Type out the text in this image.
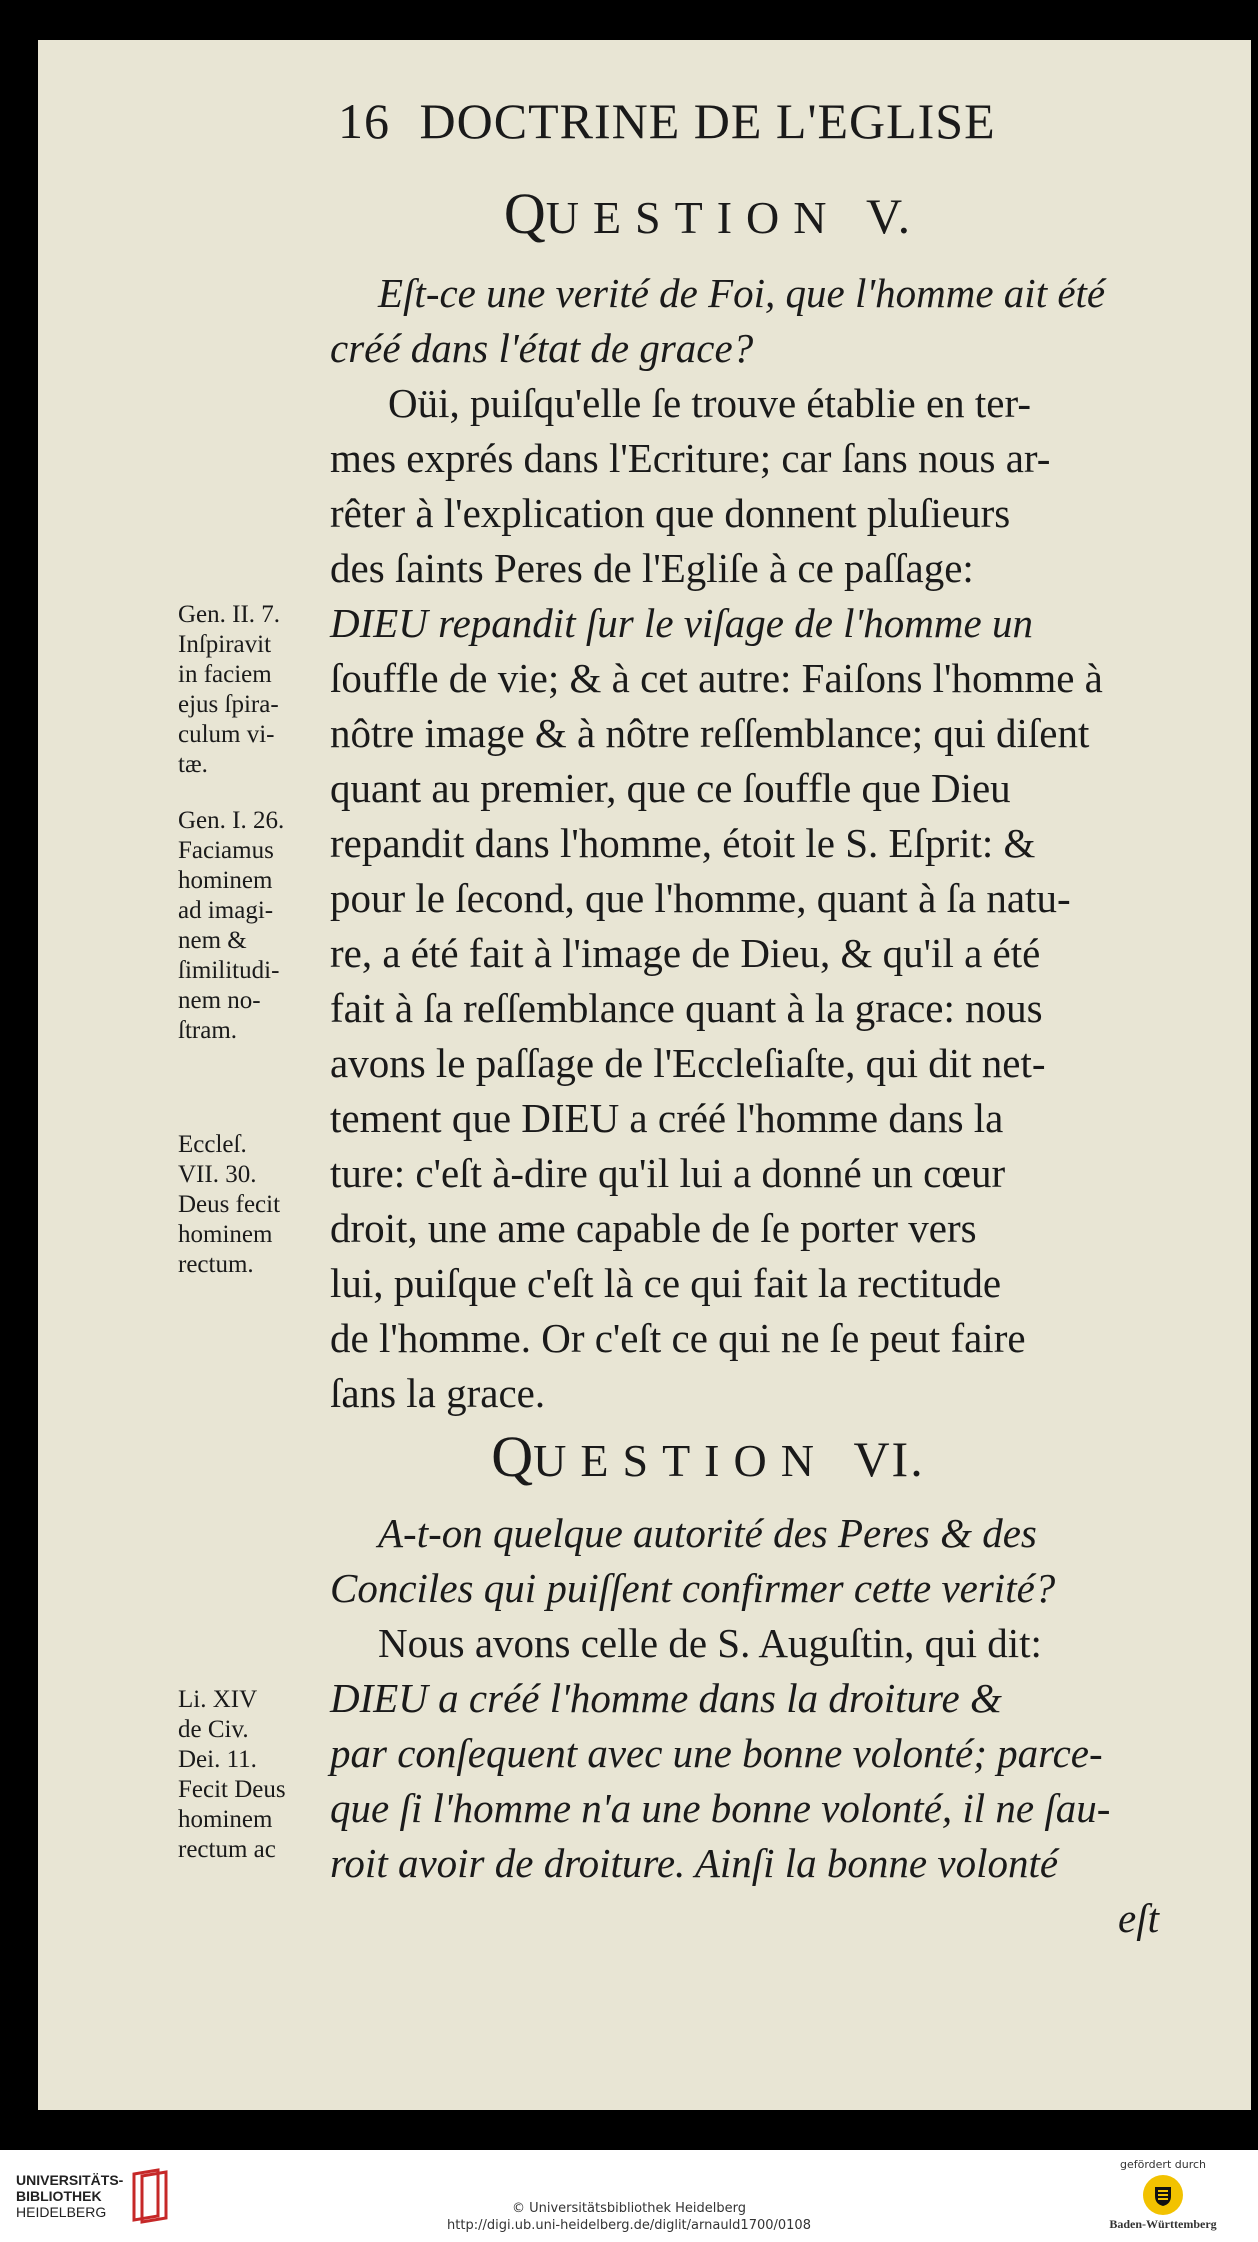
16 DOCTRINE DE L'EGLISE
QUESTION V.
Eſt-ce une verité de Foi, que l'homme ait été
créé dans l'état de grace?
Oüi, puiſqu'elle ſe trouve établie en ter-
mes exprés dans l'Ecriture; car ſans nous ar-
rêter à l'explication que donnent pluſieurs
des ſaints Peres de l'Egliſe à ce paſſage:
DIEU repandit ſur le viſage de l'homme un
ſouffle de vie; & à cet autre: Faiſons l'homme à
nôtre image & à nôtre reſſemblance; qui diſent
quant au premier, que ce ſouffle que Dieu
repandit dans l'homme, étoit le S. Eſprit: &
pour le ſecond, que l'homme, quant à ſa natu-
re, a été fait à l'image de Dieu, & qu'il a été
fait à ſa reſſemblance quant à la grace: nous
avons le paſſage de l'Eccleſiaſte, qui dit net-
tement que DIEU a créé l'homme dans la
ture: c'eſt à-dire qu'il lui a donné un cœur
droit, une ame capable de ſe porter vers
lui, puiſque c'eſt là ce qui fait la rectitude
de l'homme. Or c'eſt ce qui ne ſe peut faire
ſans la grace.
QUESTION VI.
A-t-on quelque autorité des Peres & des
Conciles qui puiſſent confirmer cette verité?
Nous avons celle de S. Auguſtin, qui dit:
DIEU a créé l'homme dans la droiture &
par conſequent avec une bonne volonté; parce-
que ſi l'homme n'a une bonne volonté, il ne ſau-
roit avoir de droiture. Ainſi la bonne volonté
eſt
Gen. II. 7.
Inſpiravit
in faciem
ejus ſpira-
culum vi-
tæ.
Gen. I. 26.
Faciamus
hominem
ad imagi-
nem &
ſimilitudi-
nem no-
ſtram.
Eccleſ.
VII. 30.
Deus fecit
hominem
rectum.
Li. XIV
de Civ.
Dei. 11.
Fecit Deus
hominem
rectum ac
UNIVERSITÄTS-
BIBLIOTHEK
HEIDELBERG	© Universitätsbibliothek Heidelberg
http://digi.ub.uni-heidelberg.de/diglit/arnauld1700/0108
gefördert durch
Baden-Württemberg
